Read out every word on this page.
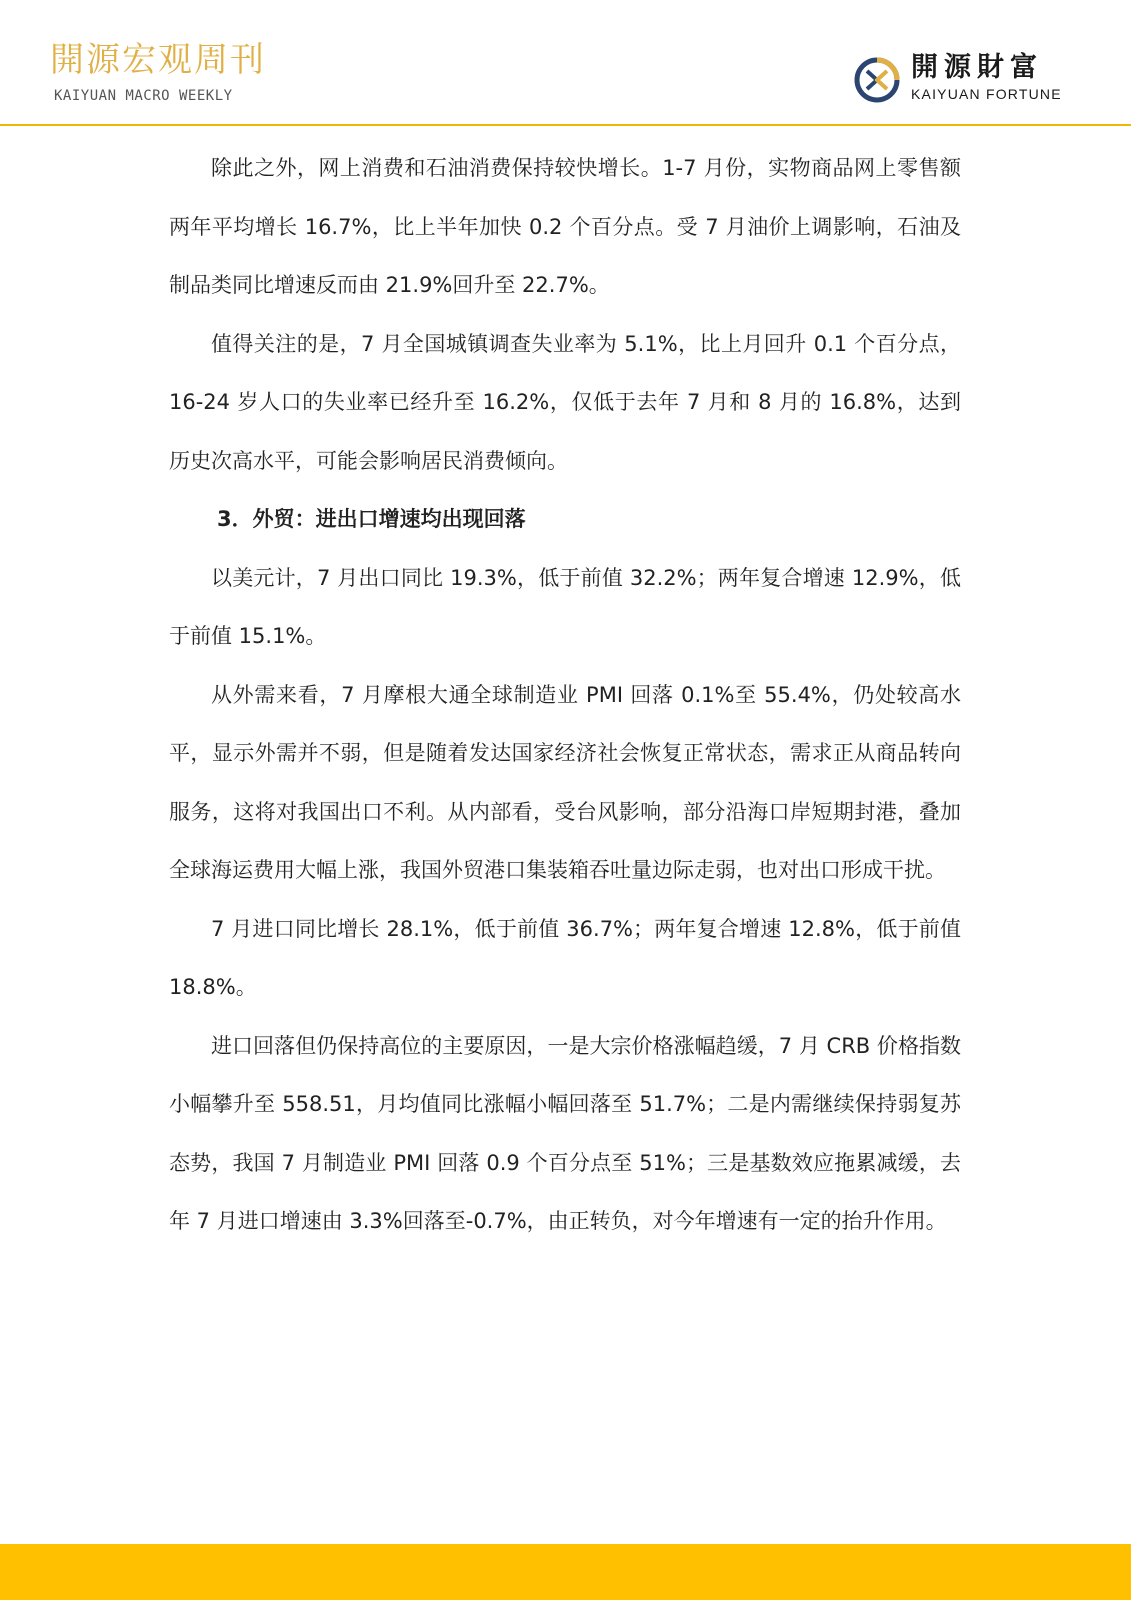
開源宏观周刊
KAIYUAN MACRO WEEKLY
開源財富
KAIYUAN FORTUNE

除此之外，网上消费和石油消费保持较快增长。1-7 月份，实物商品网上零售额两年平均增长 16.7%，比上半年加快 0.2 个百分点。受 7 月油价上调影响，石油及制品类同比增速反而由 21.9%回升至 22.7%。

值得关注的是，7 月全国城镇调查失业率为 5.1%，比上月回升 0.1 个百分点，16-24 岁人口的失业率已经升至 16.2%，仅低于去年 7 月和 8 月的 16.8%，达到历史次高水平，可能会影响居民消费倾向。

3．外贸：进出口增速均出现回落

以美元计，7 月出口同比 19.3%，低于前值 32.2%；两年复合增速 12.9%，低于前值 15.1%。

从外需来看，7 月摩根大通全球制造业 PMI 回落 0.1%至 55.4%，仍处较高水平，显示外需并不弱，但是随着发达国家经济社会恢复正常状态，需求正从商品转向服务，这将对我国出口不利。从内部看，受台风影响，部分沿海口岸短期封港，叠加全球海运费用大幅上涨，我国外贸港口集装箱吞吐量边际走弱，也对出口形成干扰。

7 月进口同比增长 28.1%，低于前值 36.7%；两年复合增速 12.8%，低于前值 18.8%。

进口回落但仍保持高位的主要原因，一是大宗价格涨幅趋缓，7 月 CRB 价格指数小幅攀升至 558.51，月均值同比涨幅小幅回落至 51.7%；二是内需继续保持弱复苏态势，我国 7 月制造业 PMI 回落 0.9 个百分点至 51%；三是基数效应拖累减缓，去年 7 月进口增速由 3.3%回落至-0.7%，由正转负，对今年增速有一定的抬升作用。
